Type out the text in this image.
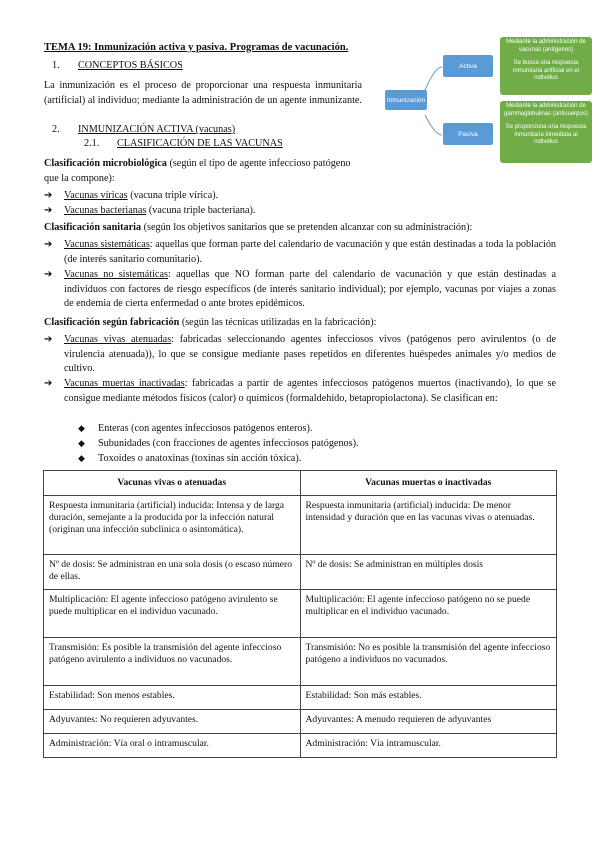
TEMA 19: Inmunización activa y pasiva. Programas de vacunación.
1. CONCEPTOS BÁSICOS
La inmunización es el proceso de proporcionar una respuesta inmunitaria (artificial) al individuo; mediante la administración de un agente inmunizante.
2. INMUNIZACIÓN ACTIVA (vacunas)
2.1. CLASIFICACIÓN DE LAS VACUNAS
Inmunización
Activa
Pasiva
Mediante la administración de vacunas (antígenos)
Se busca una respuesta inmunitaria artificial en el individuo
Mediante la administración de gammaglobulinas (anticuerpos)
Se proporciona una respuesta inmunitaria inmediata al individuo
Clasificación microbiológica (según el tipo de agente infeccioso patógeno que la compone):
➔ Vacunas víricas (vacuna triple vírica).
➔ Vacunas bacterianas (vacuna triple bacteriana).
Clasificación sanitaria (según los objetivos sanitarios que se pretenden alcanzar con su administración):
➔ Vacunas sistemáticas: aquellas que forman parte del calendario de vacunación y que están destinadas a toda la población (de interés sanitario comunitario).
➔ Vacunas no sistemáticas: aquellas que NO forman parte del calendario de vacunación y que están destinadas a individuos con factores de riesgo específicos (de interés sanitario individual); por ejemplo, vacunas por viajes a zonas de endemia de cierta enfermedad o ante brotes epidémicos.
Clasificación según fabricación (según las técnicas utilizadas en la fabricación):
➔ Vacunas vivas atenuadas: fabricadas seleccionando agentes infecciosos vivos (patógenos pero avirulentos (o de virulencia atenuada)), lo que se consigue mediante pases repetidos en diferentes huéspedes animales y/o medios de cultivo.
➔ Vacunas muertas inactivadas: fabricadas a partir de agentes infecciosos patógenos muertos (inactivando), lo que se consigue mediante métodos físicos (calor) o químicos (formaldehído, betapropiolactona). Se clasifican en:
◆ Enteras (con agentes infecciosos patógenos enteros).
◆ Subunidades (con fracciones de agentes infecciosos patógenos).
◆ Toxoides o anatoxinas (toxinas sin acción tóxica).
Vacunas vivas o atenuadas	Vacunas muertas o inactivadas
Respuesta inmunitaria (artificial) inducida: Intensa y de larga duración, semejante a la producida por la infección natural (originan una infección subclínica o asintomática).	Respuesta inmunitaria (artificial) inducida: De menor intensidad y duración que en las vacunas vivas o atenuadas.
Nº de dosis: Se administran en una sola dosis (o escaso número de ellas.	Nº de dosis: Se administran en múltiples dosis
Multiplicación: El agente infeccioso patógeno avirulento se puede multiplicar en el individuo vacunado.	Multiplicación: El agente infeccioso patógeno no se puede multiplicar en el individuo vacunado.
Transmisión: Es posible la transmisión del agente infeccioso patógeno avirulento a individuos no vacunados.	Transmisión: No es posible la transmisión del agente infeccioso patógeno a individuos no vacunados.
Estabilidad: Son menos estables.	Estabilidad: Son más estables.
Adyuvantes: No requieren adyuvantes.	Adyuvantes: A menudo requieren de adyuvantes
Administración: Vía oral o intramuscular.	Administración: Vía intramuscular.
